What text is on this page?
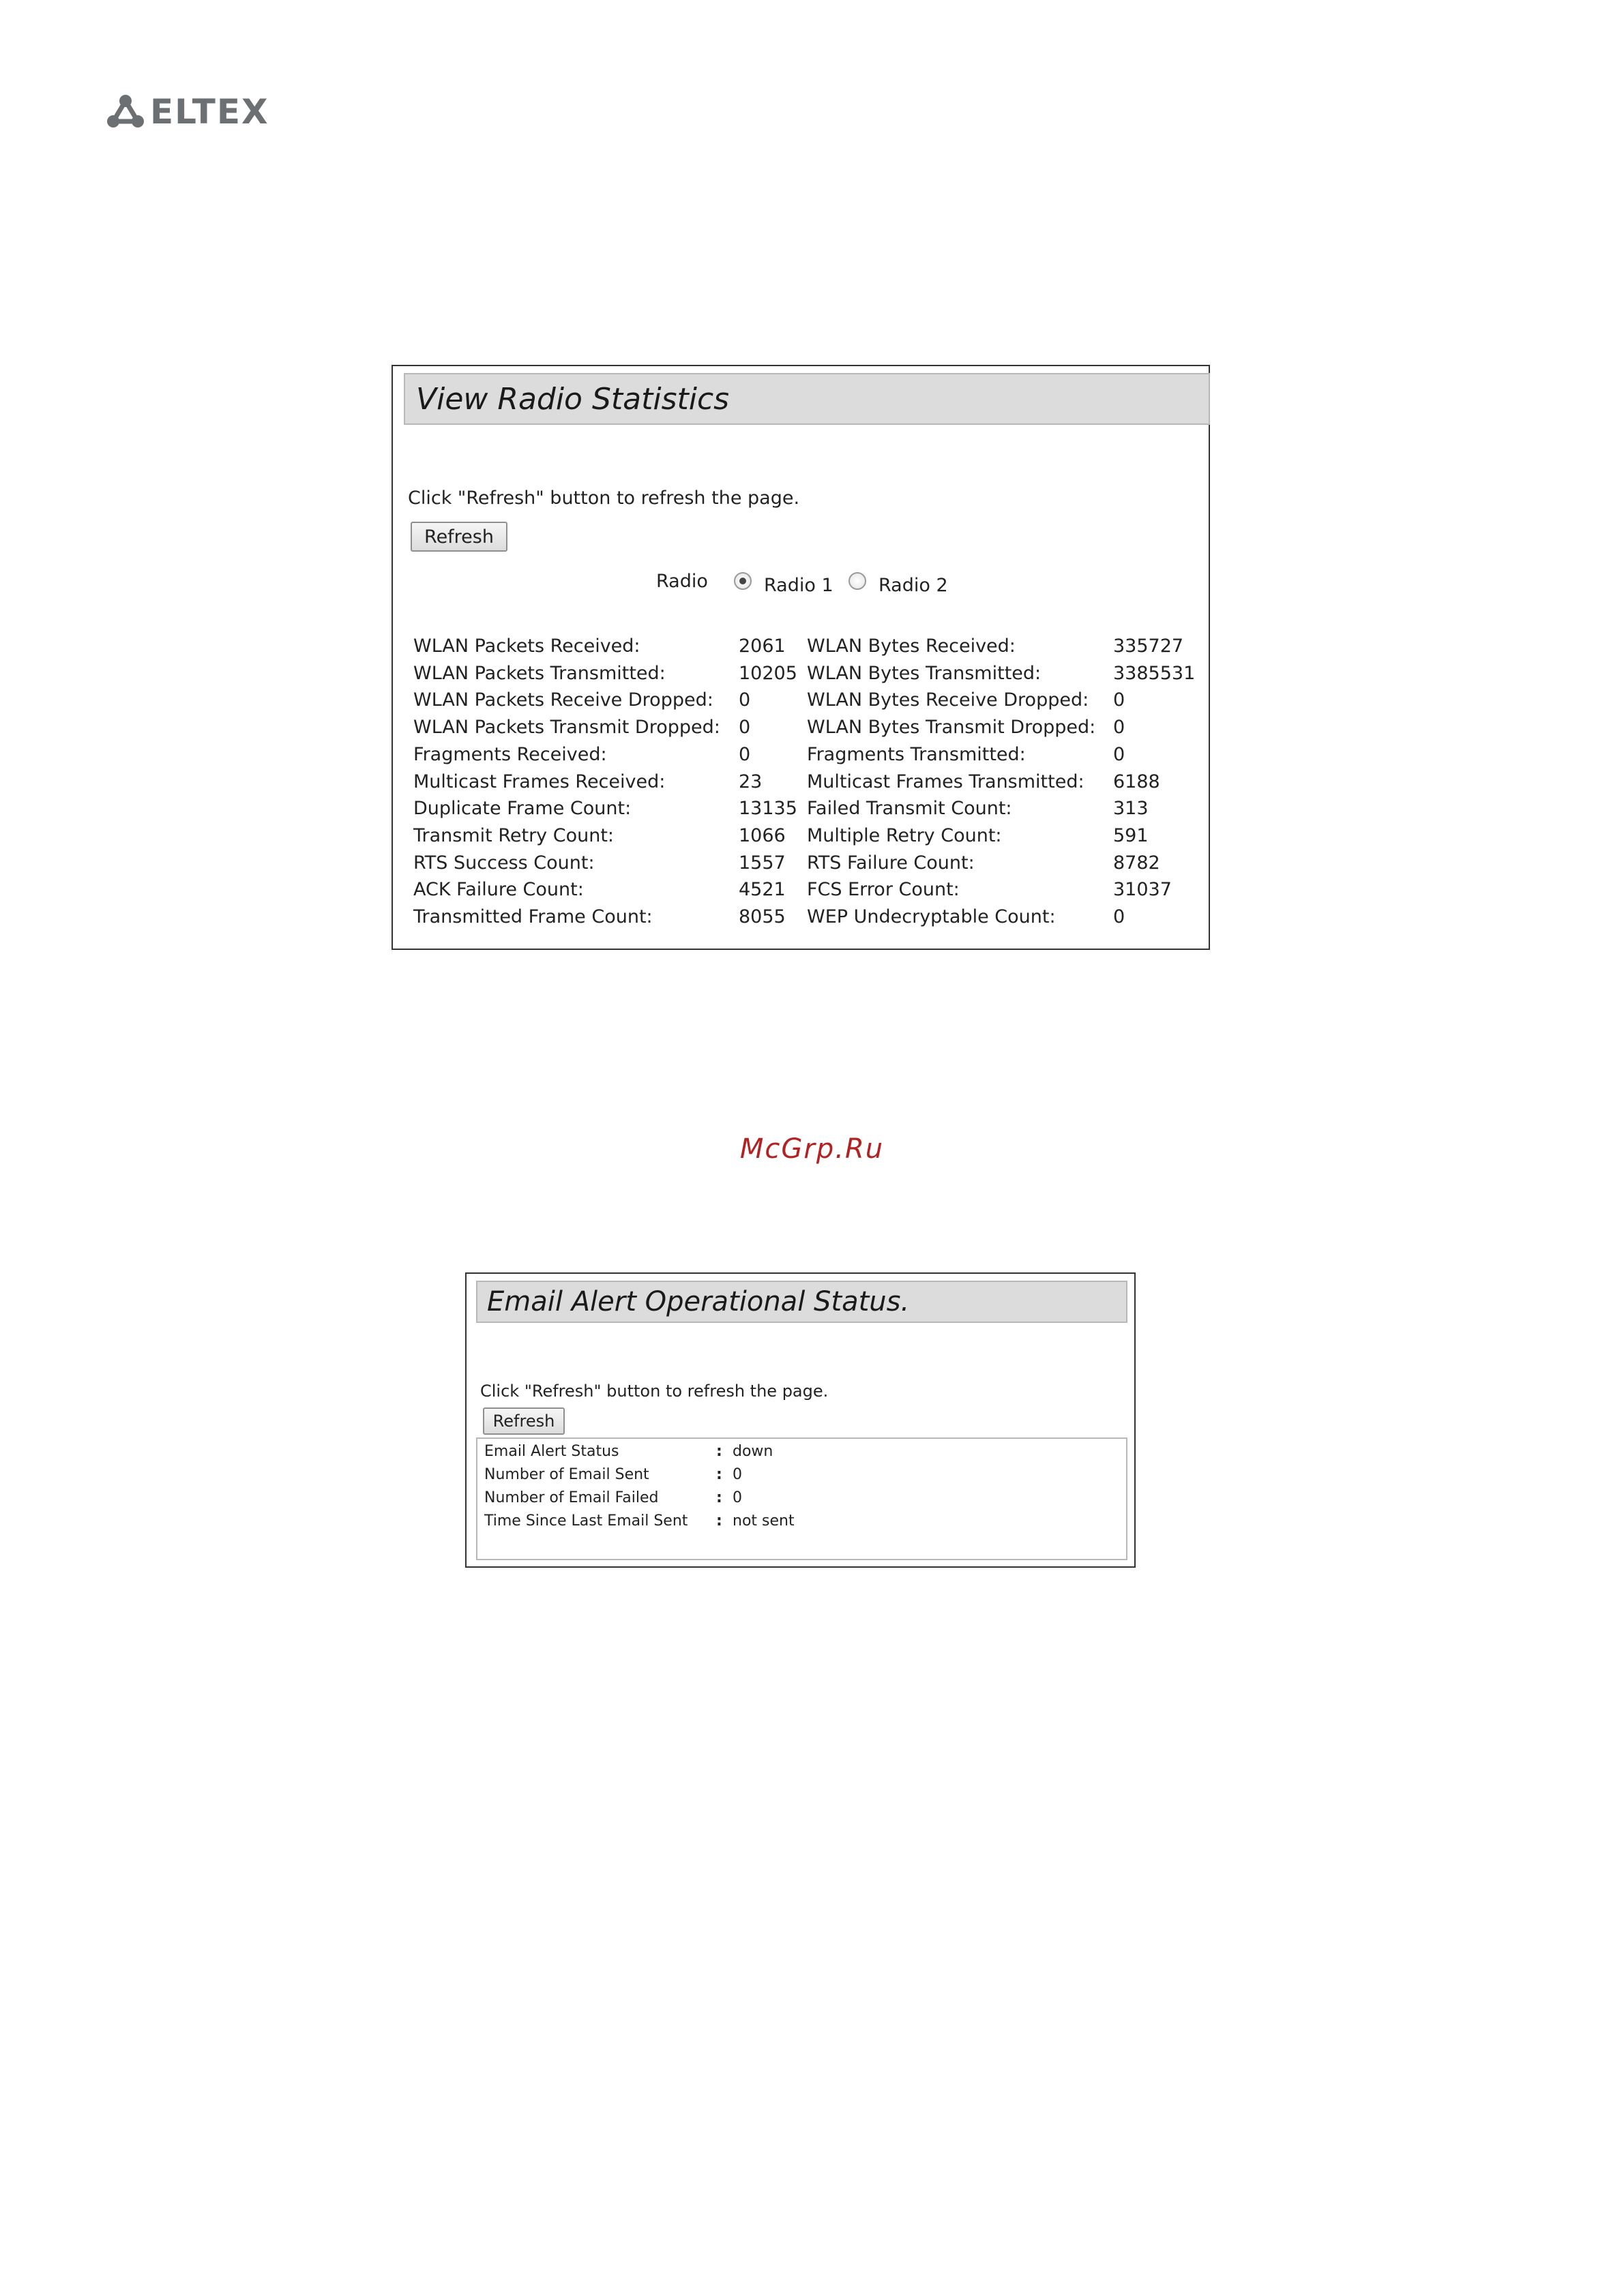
ELTEX
View Radio Statistics
Click "Refresh" button to refresh the page.
Refresh
Radio	Radio 1 Radio 2
WLAN Packets Received:	2061 WLAN Bytes Received:	335727
WLAN Packets Transmitted:	10205 WLAN Bytes Transmitted:	3385531
WLAN Packets Receive Dropped: 0	WLAN Bytes Receive Dropped: 0
WLAN Packets Transmit Dropped: 0	WLAN Bytes Transmit Dropped: 0
Fragments Received:	0	Fragments Transmitted:	0
Multicast Frames Received:	23 Multicast Frames Transmitted: 6188
Duplicate Frame Count:	13135 Failed Transmit Count:	313
Transmit Retry Count:	1066 Multiple Retry Count:	591
RTS Success Count:	1557 RTS Failure Count:	8782
ACK Failure Count:	4521 FCS Error Count:	31037
Transmitted Frame Count:	8055 WEP Undecryptable Count:	0
McGrp.Ru
Email Alert Operational Status.
Click "Refresh" button to refresh the page.
Refresh
Email Alert Status	: down
Number of Email Sent	: 0
Number of Email Failed	: 0
Time Since Last Email Sent : not sent
